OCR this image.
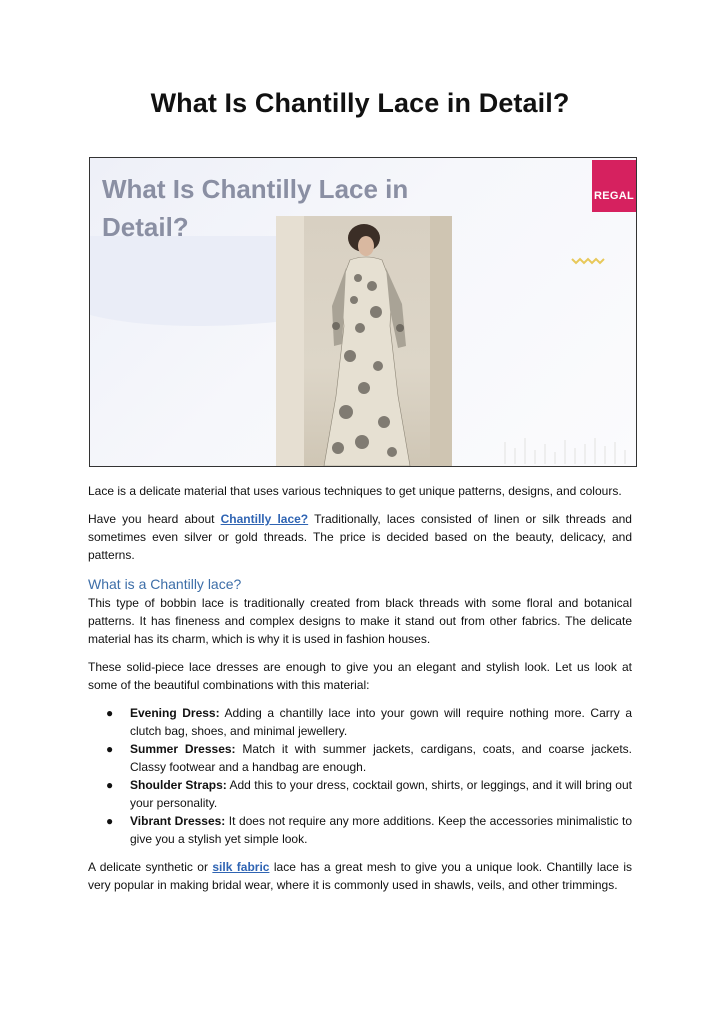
What Is Chantilly Lace in Detail?
What Is Chantilly Lace in
Detail?
REGAL

Lace is a delicate material that uses various techniques to get unique patterns, designs, and colours.

Have you heard about Chantilly lace? Traditionally, laces consisted of linen or silk threads and sometimes even silver or gold threads. The price is decided based on the beauty, delicacy, and patterns.

What is a Chantilly lace?

This type of bobbin lace is traditionally created from black threads with some floral and botanical patterns. It has fineness and complex designs to make it stand out from other fabrics. The delicate material has its charm, which is why it is used in fashion houses.

These solid-piece lace dresses are enough to give you an elegant and stylish look. Let us look at some of the beautiful combinations with this material:

● Evening Dress: Adding a chantilly lace into your gown will require nothing more. Carry a clutch bag, shoes, and minimal jewellery.
● Summer Dresses: Match it with summer jackets, cardigans, coats, and coarse jackets. Classy footwear and a handbag are enough.
● Shoulder Straps: Add this to your dress, cocktail gown, shirts, or leggings, and it will bring out your personality.
● Vibrant Dresses: It does not require any more additions. Keep the accessories minimalistic to give you a stylish yet simple look.

A delicate synthetic or silk fabric lace has a great mesh to give you a unique look. Chantilly lace is very popular in making bridal wear, where it is commonly used in shawls, veils, and other trimmings.
